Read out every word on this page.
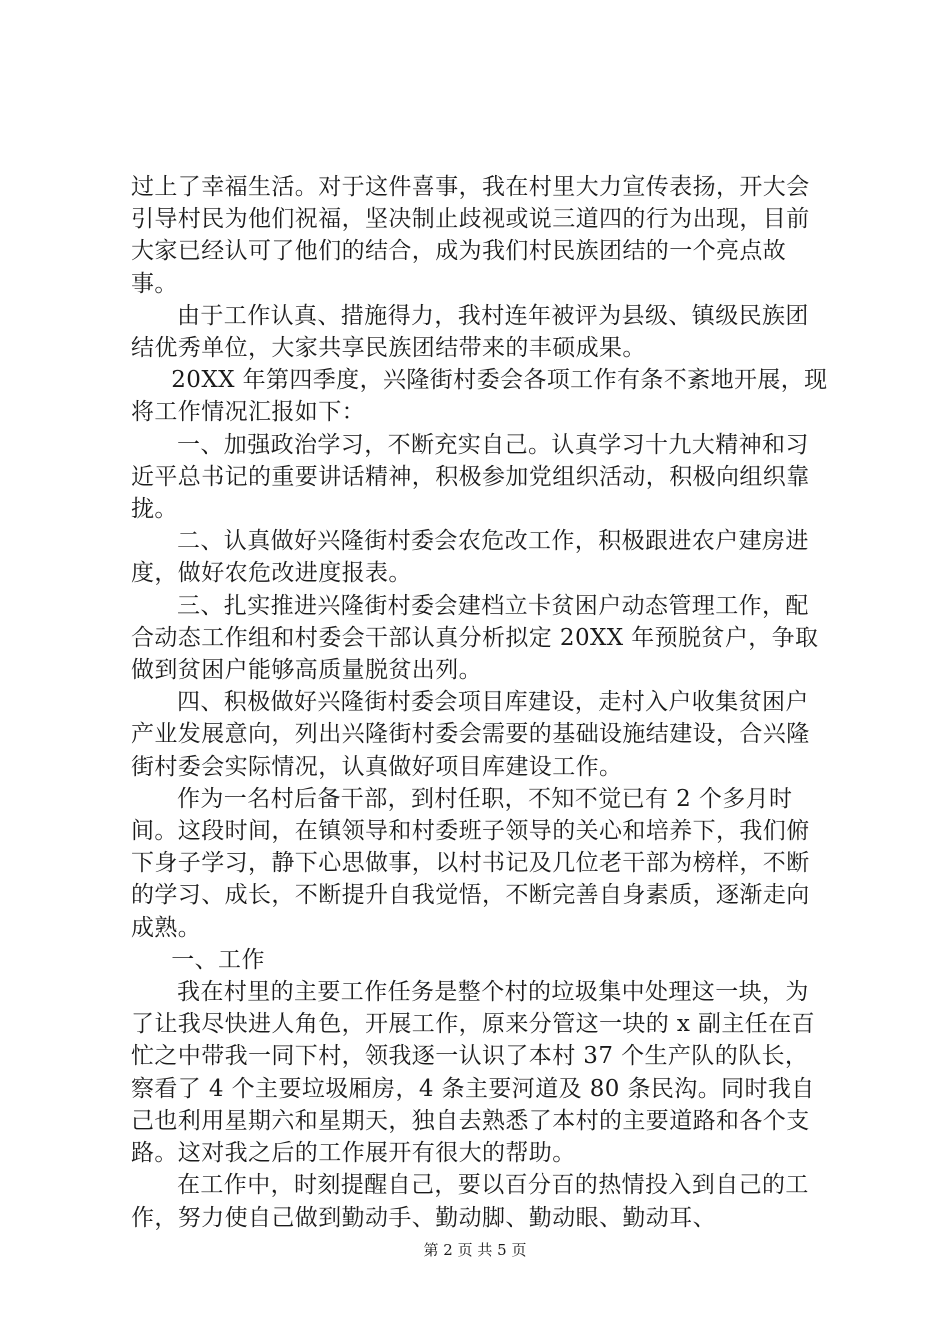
过上了幸福生活。对于这件喜事，我在村里大力宣传表扬，开大会引导村民为他们祝福，坚决制止歧视或说三道四的行为出现，目前大家已经认可了他们的结合，成为我们村民族团结的一个亮点故事。

由于工作认真、措施得力，我村连年被评为县级、镇级民族团结优秀单位，大家共享民族团结带来的丰硕成果。

20XX 年第四季度，兴隆街村委会各项工作有条不紊地开展，现将工作情况汇报如下：

一、加强政治学习，不断充实自己。认真学习十九大精神和习近平总书记的重要讲话精神，积极参加党组织活动，积极向组织靠拢。

二、认真做好兴隆街村委会农危改工作，积极跟进农户建房进度，做好农危改进度报表。

三、扎实推进兴隆街村委会建档立卡贫困户动态管理工作，配合动态工作组和村委会干部认真分析拟定 20XX 年预脱贫户，争取做到贫困户能够高质量脱贫出列。

四、积极做好兴隆街村委会项目库建设，走村入户收集贫困户产业发展意向，列出兴隆街村委会需要的基础设施结建设，合兴隆街村委会实际情况，认真做好项目库建设工作。

作为一名村后备干部，到村任职，不知不觉已有 2 个多月时间。这段时间，在镇领导和村委班子领导的关心和培养下，我们俯下身子学习，静下心思做事，以村书记及几位老干部为榜样，不断的学习、成长，不断提升自我觉悟，不断完善自身素质，逐渐走向成熟。

一、工作

我在村里的主要工作任务是整个村的垃圾集中处理这一块，为了让我尽快进人角色，开展工作，原来分管这一块的 x 副主任在百忙之中带我一同下村，领我逐一认识了本村 37 个生产队的队长，察看了 4 个主要垃圾厢房，4 条主要河道及 80 条民沟。同时我自己也利用星期六和星期天，独自去熟悉了本村的主要道路和各个支路。这对我之后的工作展开有很大的帮助。

在工作中，时刻提醒自己，要以百分百的热情投入到自己的工作，努力使自己做到勤动手、勤动脚、勤动眼、勤动耳、

第 2 页 共 5 页
